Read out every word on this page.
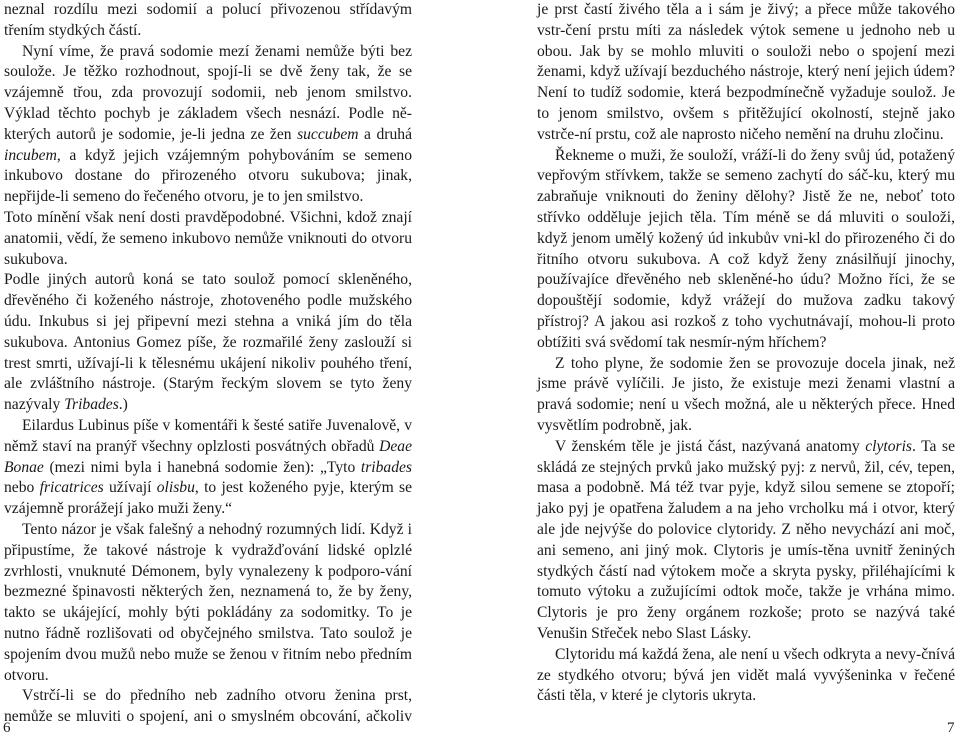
neznal rozdílu mezi sodomií a polucí přivozenou střídavým třením stydkých částí.

Nyní víme, že pravá sodomie mezí ženami nemůže býti bez souložе. Je těžko rozhodnout, spojí-li se dvě ženy tak, že se vzájemně třou, zda provozují sodomii, neb jenom smilstvo. Výklad těchto pochyb je základem všech nesnází. Podle ně-kterých autorů je sodomie, je-li jedna ze žen succubem a druhá incubem, a když jejich vzájemným pohybováním se semeno inkubovo dostane do přirozeného otvoru sukubova; jinak, nepřijde-li semeno do řečeného otvoru, je to jen smilstvo.

Toto mínění však není dosti pravděpodobné. Všichni, kdož znají anatomii, vědí, že semeno inkubovo nemůže vniknouti do otvoru sukubova.

Podle jiných autorů koná se tato soulož pomocí skleněného, dřevěného či koženého nástroje, zhotoveného podle mužského údu. Inkubus si jej připevní mezi stehna a vniká jím do těla sukubova. Antonius Gomez píše, že rozmařilé ženy zaslouží si trest smrti, užívají-li k tělesnému ukájení nikoliv pouhého tření, ale zvláštního nástroje. (Starým řeckým slovem se tyto ženy nazývaly Tribades.)

Eilardus Lubinus píše v komentáři k šesté satiře Juvenalově, v němž staví na pranýř všechny oplzlosti posvátných obřadů Deae Bonae (mezi nimi byla i hanebná sodomie žen): „Tyto tribades nebo fricatrices užívají olisbu, to jest koženého pyje, kterým se vzájemně prorážejí jako muži ženy.“

Tento názor je však falešný a nehodný rozumných lidí. Když i připustíme, že takové nástroje k vydražďování lidské oplzlé zvrhlosti, vnuknuté Démonem, byly vynalezeny k podporo-vání bezmezné špinavosti některých žen, neznamená to, že by ženy, takto se ukájející, mohly býti pokládány za sodomitky. To je nutno řádně rozlišovati od obyčejného smilstva. Tato soulož je spojením dvou mužů nebo muže se ženou v řitním nebo předním otvoru.

Vstrčí-li se do předního neb zadního otvoru ženina prst, nemůže se mluviti o spojení, ani o smyslném obcování, ačkoliv

6

je prst častí živého těla a i sám je živý; a přece může takového vstr-čení prstu míti za následek výtok semene u jednoho neb u obou. Jak by se mohlo mluviti o souloži nebo o spojení mezi ženami, když užívají bezduchého nástroje, který není jejich údem? Není to tudíž sodomie, která bezpodmínečně vyžaduje soulož. Je to jenom smilstvo, ovšem s přitěžující okolností, stejně jako vstrče-ní prstu, což ale naprosto ničeho nemění na druhu zločinu.

Řekneme o muži, že souloží, vráží-li do ženy svůj úd, potažený vepřovým střívkem, takže se semeno zachytí do sáč-ku, který mu zabraňuje vniknouti do ženiny dělohy? Jistě že ne, neboť toto střívko odděluje jejich těla. Tím méně se dá mluviti o souloži, když jenom umělý kožený úd inkubův vni-kl do přirozeného či do řitního otvoru sukubova. A což když ženy znásilňují jinochy, používajíce dřevěného neb skleněné-ho údu? Možno říci, že se dopouštějí sodomie, když vrážejí do mužova zadku takový přístroj? A jakou asi rozkoš z toho vychutnávají, mohou-li proto obtížiti svá svědomí tak nesmír-ným hříchem?

Z toho plyne, že sodomie žen se provozuje docela jinak, než jsme právě vylíčili. Je jisto, že existuje mezi ženami vlastní a pravá sodomie; není u všech možná, ale u některých přece. Hned vysvětlím podrobně, jak.

V ženském těle je jistá část, nazývaná anatomy clytoris. Ta se skládá ze stejných prvků jako mužský pyj: z nervů, žil, cév, tepen, masa a podobně. Má též tvar pyje, když silou semene se ztopoří; jako pyj je opatřena žaludem a na jeho vrcholku má i otvor, který ale jde nejvýše do polovice clytoridy. Z něho nevychází ani moč, ani semeno, ani jiný mok. Clytoris je umís-těna uvnitř ženiných stydkých částí nad výtokem moče a skryta pysky, přiléhajícími k tomuto výtoku a zužujícími odtok moče, takže je vrhána mimo. Clytoris je pro ženy orgánem rozkoše; proto se nazývá také Venušin Střeček nebo Slast Lásky.

Clytoridu má každá žena, ale není u všech odkryta a nevy-čnívá ze stydkého otvoru; bývá jen vidět malá vyvýšeninka v řečené části těla, v které je clytoris ukryta.

7
